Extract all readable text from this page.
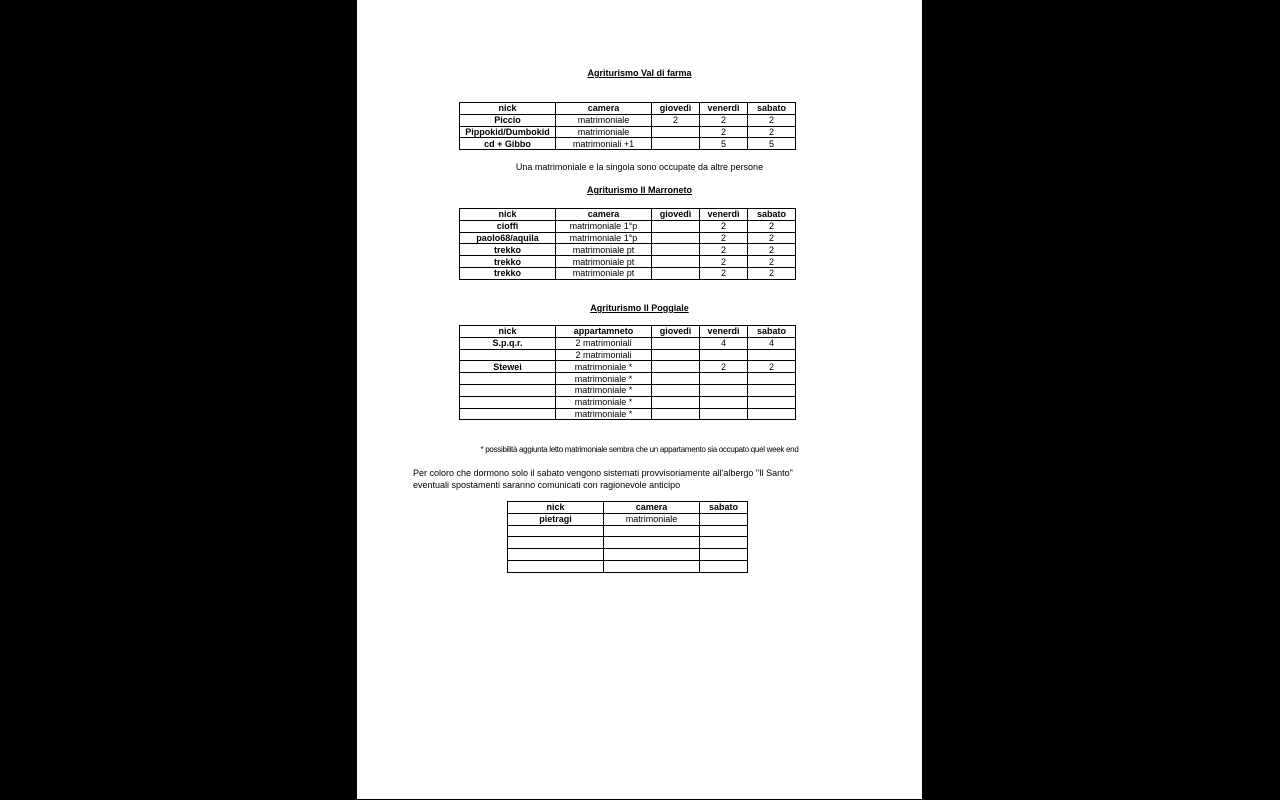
Agriturismo Val di farma
nick	camera	giovedì	venerdì	sabato
Piccio	matrimoniale	2	2	2
Pippokid/Dumbokid	matrimoniale		2	2
cd + Gibbo	matrimoniali +1		5	5
Una matrimoniale e la singola sono occupate da altre persone
Agriturismo Il Marroneto
nick	camera	giovedì	venerdì	sabato
cioffi	matrimoniale 1°p		2	2
paolo68/aquila	matrimoniale 1°p		2	2
trekko	matrimoniale pt		2	2
trekko	matrimoniale pt		2	2
trekko	matrimoniale pt		2	2
Agriturismo Il Poggiale
nick	appartamneto	giovedì	venerdì	sabato
S.p.q.r.	2 matrimoniali		4	4
	2 matrimoniali			
Stewei	matrimoniale *		2	2
	matrimoniale *			
	matrimoniale *			
	matrimoniale *			
	matrimoniale *			
* possibilità aggiunta letto matrimoniale sembra che un appartamento sia occupato quel week end
Per coloro che dormono solo il sabato vengono sistemati provvisoriamente all'albergo "Il Santo"
eventuali spostamenti saranno comunicati con ragionevole anticipo
nick	camera	sabato
pietragi	matrimoniale	
